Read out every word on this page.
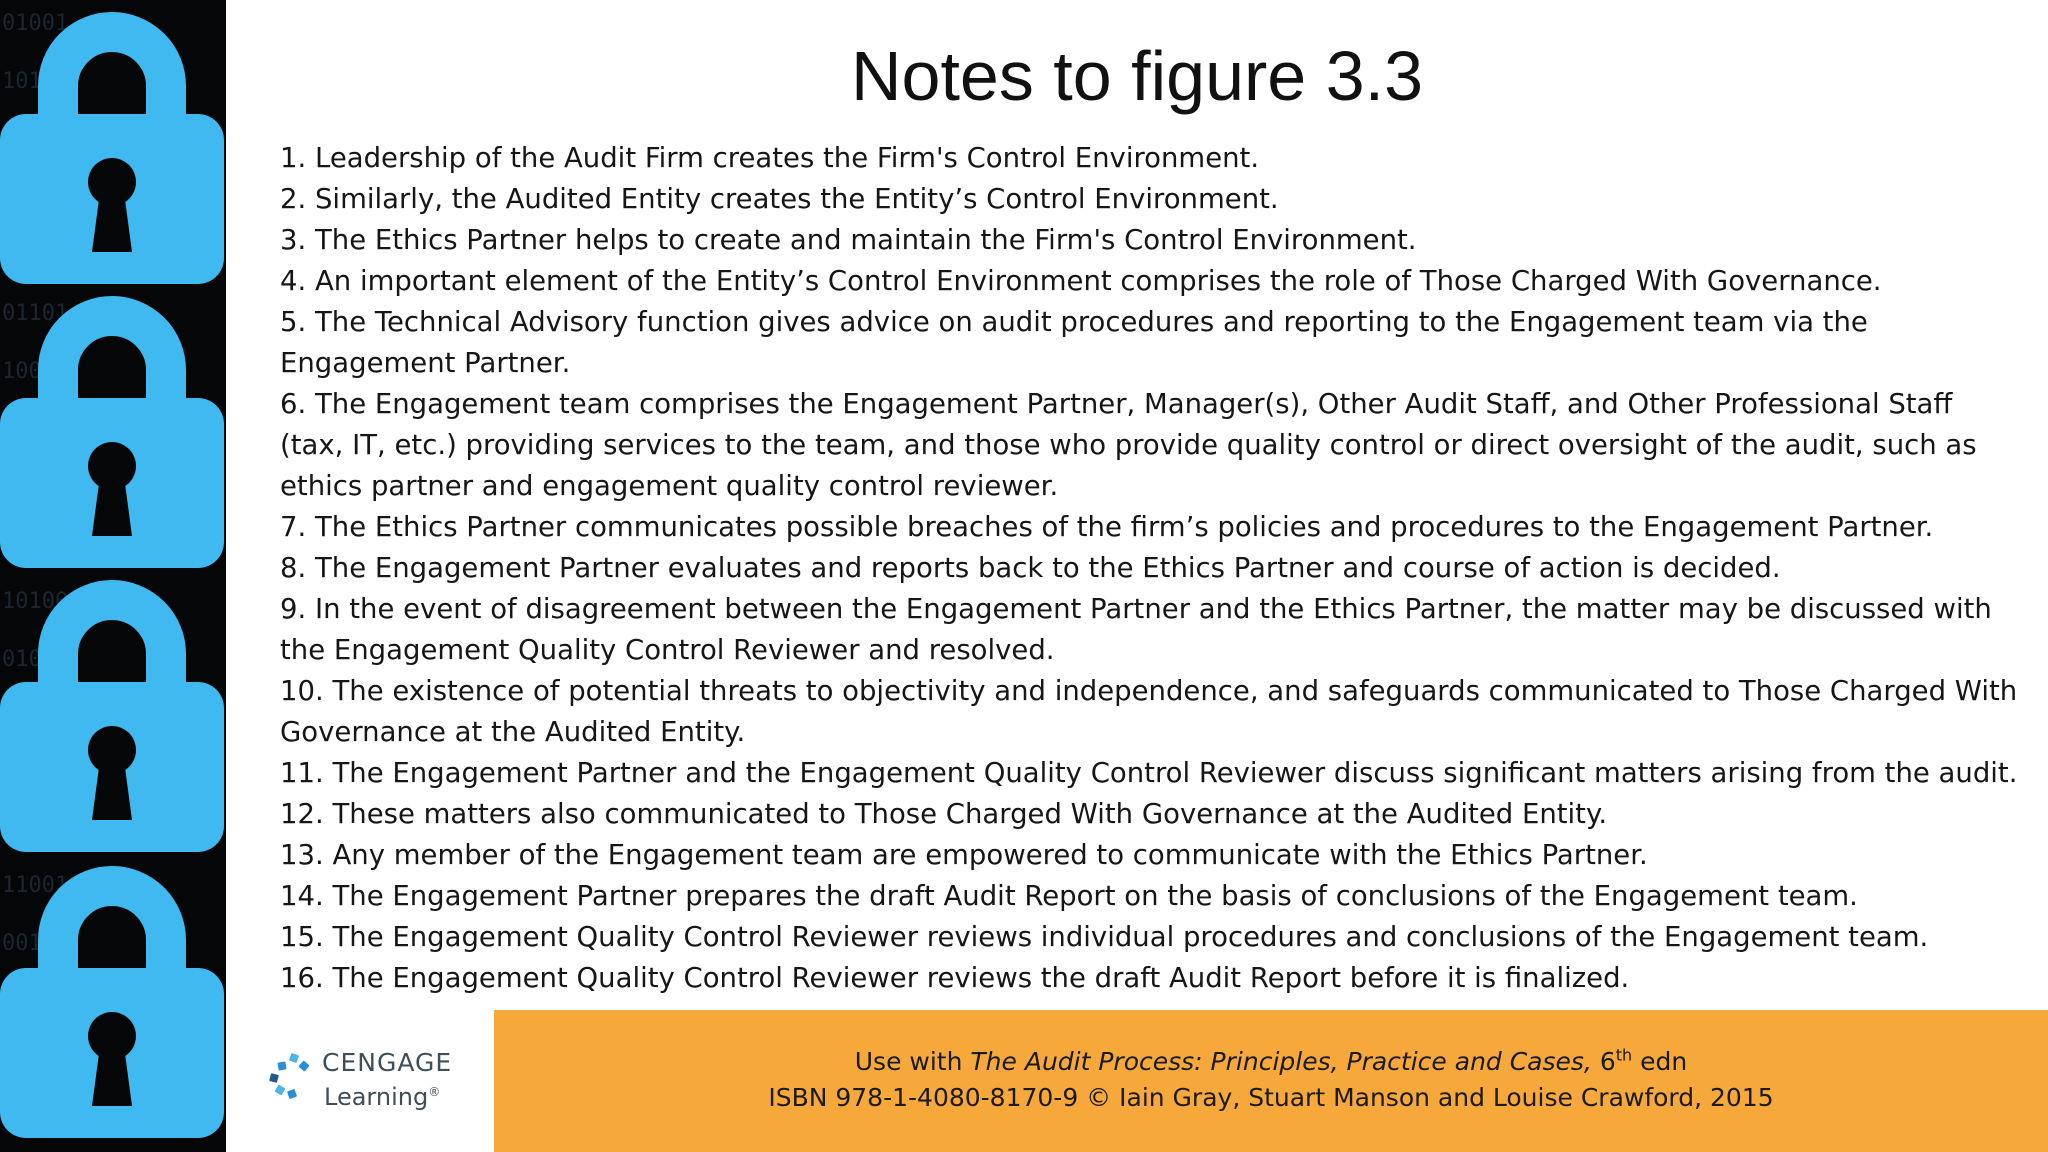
01001
10110
01101
10011
10100
01011
11001
00111
Notes to figure 3.3
1. Leadership of the Audit Firm creates the Firm's Control Environment.
2. Similarly, the Audited Entity creates the Entity’s Control Environment.
3. The Ethics Partner helps to create and maintain the Firm's Control Environment.
4. An important element of the Entity’s Control Environment comprises the role of Those Charged With Governance.
5. The Technical Advisory function gives advice on audit procedures and reporting to the Engagement team via the Engagement Partner.
6. The Engagement team comprises the Engagement Partner, Manager(s), Other Audit Staff, and Other Professional Staff (tax, IT, etc.) providing services to the team, and those who provide quality control or direct oversight of the audit, such as ethics partner and engagement quality control reviewer.
7. The Ethics Partner communicates possible breaches of the firm’s policies and procedures to the Engagement Partner.
8. The Engagement Partner evaluates and reports back to the Ethics Partner and course of action is decided.
9. In the event of disagreement between the Engagement Partner and the Ethics Partner, the matter may be discussed with the Engagement Quality Control Reviewer and resolved.
10. The existence of potential threats to objectivity and independence, and safeguards communicated to Those Charged With Governance at the Audited Entity.
11. The Engagement Partner and the Engagement Quality Control Reviewer discuss significant matters arising from the audit.
12. These matters also communicated to Those Charged With Governance at the Audited Entity.
13. Any member of the Engagement team are empowered to communicate with the Ethics Partner.
14. The Engagement Partner prepares the draft Audit Report on the basis of conclusions of the Engagement team.
15. The Engagement Quality Control Reviewer reviews individual procedures and conclusions of the Engagement team.
16. The Engagement Quality Control Reviewer reviews the draft Audit Report before it is finalized.
CENGAGE
Learning®
Use with The Audit Process: Principles, Practice and Cases, 6th edn
ISBN 978-1-4080-8170-9 © Iain Gray, Stuart Manson and Louise Crawford, 2015
